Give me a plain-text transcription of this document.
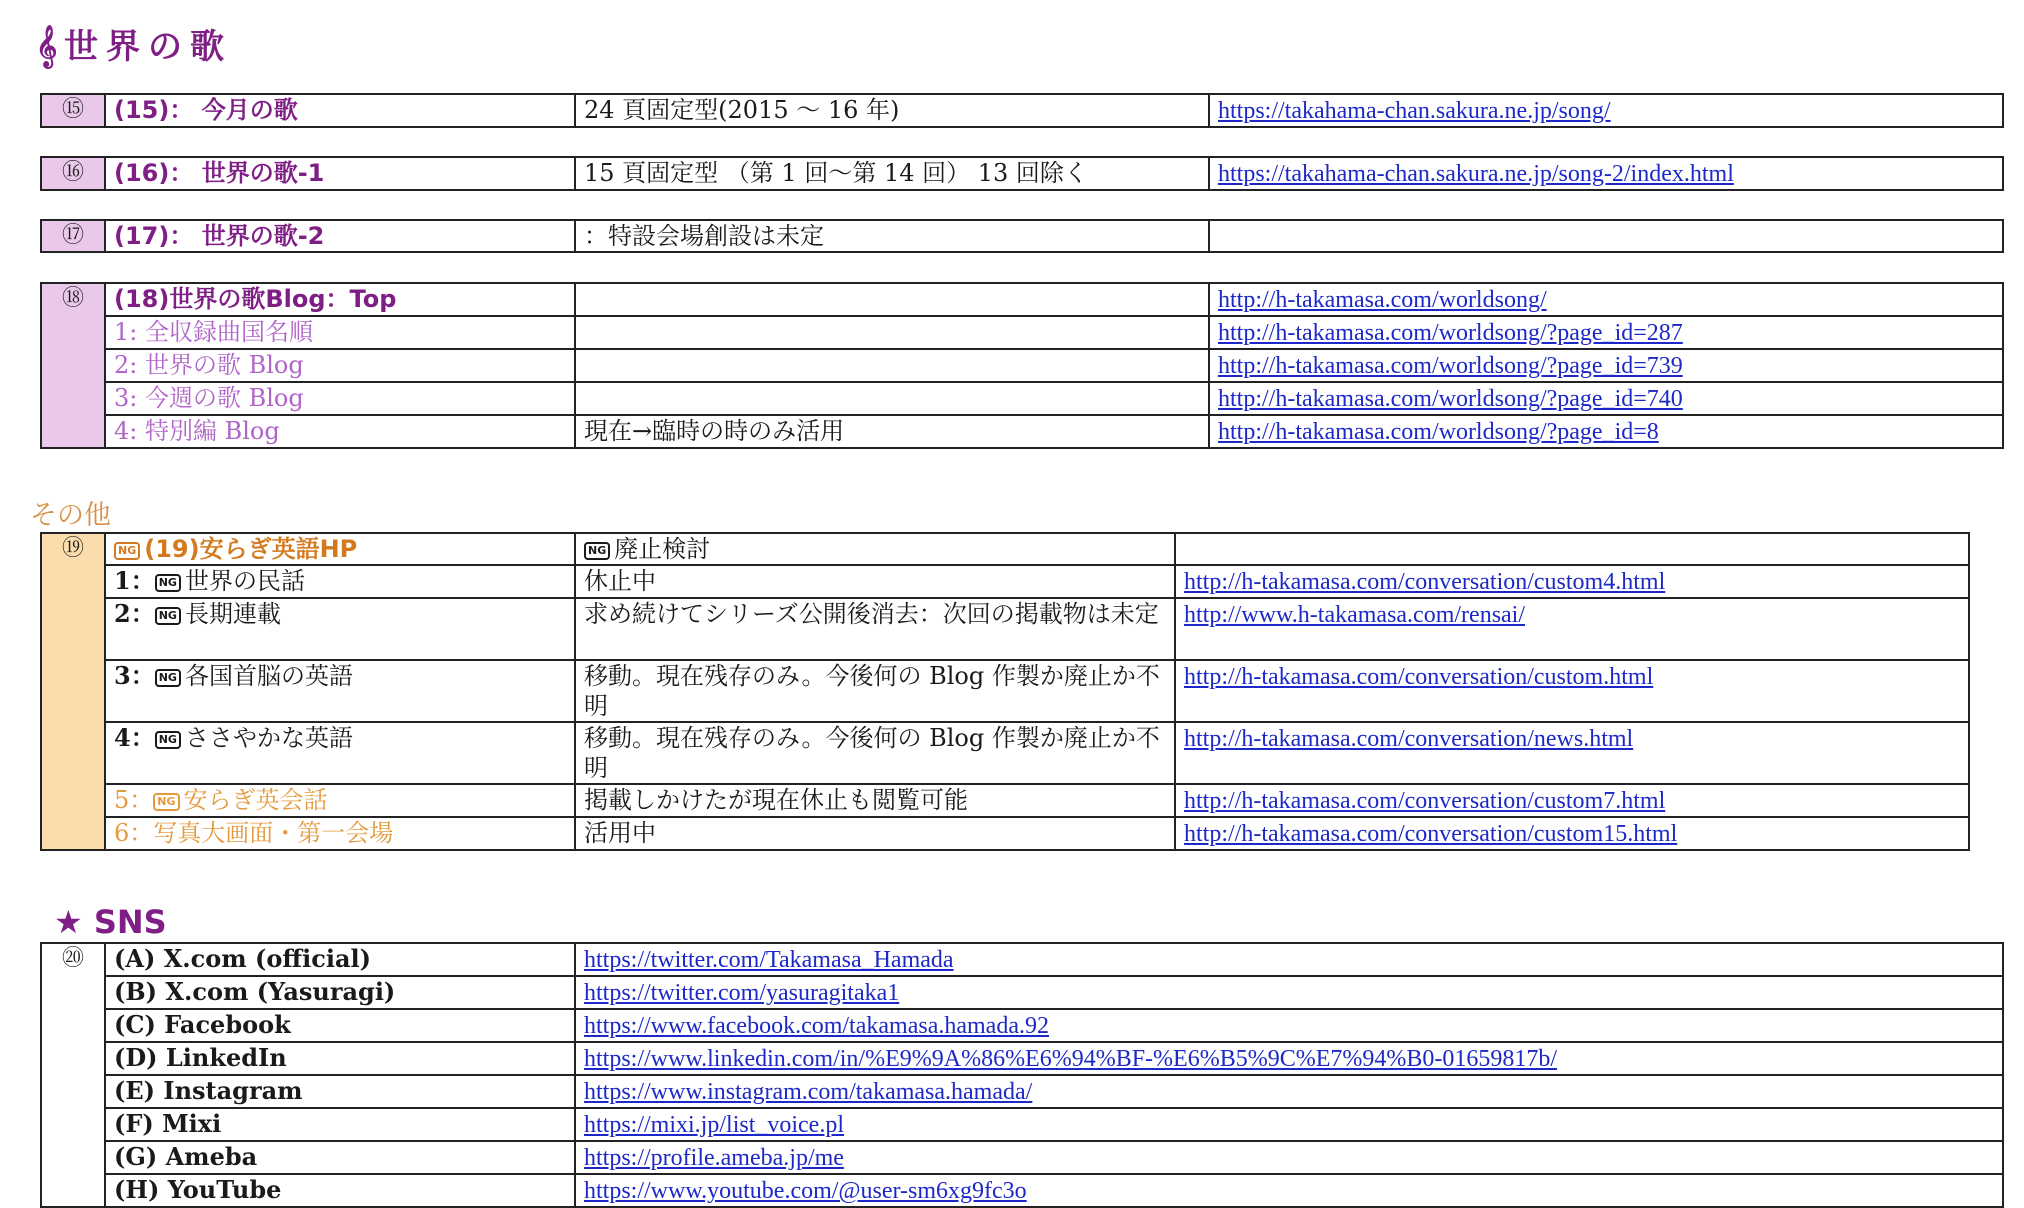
𝄞 世界の歌
⑮	(15)： 今月の歌	24 頁固定型(2015 ～ 16 年)	https://takahama-chan.sakura.ne.jp/song/
⑯	(16)： 世界の歌-1	15 頁固定型 （第 1 回～第 14 回） 13 回除く	https://takahama-chan.sakura.ne.jp/song-2/index.html
⑰	(17)： 世界の歌-2	：特設会場創設は未定	
⑱	(18)世界の歌Blog：Top		http://h-takamasa.com/worldsong/
	1: 全収録曲国名順		http://h-takamasa.com/worldsong/?page_id=287
	2: 世界の歌 Blog		http://h-takamasa.com/worldsong/?page_id=739
	3: 今週の歌 Blog		http://h-takamasa.com/worldsong/?page_id=740
	4: 特別編 Blog	現在→臨時の時のみ活用	http://h-takamasa.com/worldsong/?page_id=8
その他
⑲	NG (19)安らぎ英語HP	NG 廃止検討	
	1： NG 世界の民話	休止中	http://h-takamasa.com/conversation/custom4.html
	2： NG 長期連載	求め続けてシリーズ公開後消去：次回の掲載物は未定	http://www.h-takamasa.com/rensai/
	3： NG 各国首脳の英語	移動。現在残存のみ。今後何の Blog 作製か廃止か不明	http://h-takamasa.com/conversation/custom.html
	4： NG ささやかな英語	移動。現在残存のみ。今後何の Blog 作製か廃止か不明	http://h-takamasa.com/conversation/news.html
	5： NG 安らぎ英会話	掲載しかけたが現在休止も閲覧可能	http://h-takamasa.com/conversation/custom7.html
	6：写真大画面・第一会場	活用中	http://h-takamasa.com/conversation/custom15.html
★ SNS
⑳	(A) X.com (official)	https://twitter.com/Takamasa_Hamada
	(B) X.com (Yasuragi)	https://twitter.com/yasuragitaka1
	(C) Facebook	https://www.facebook.com/takamasa.hamada.92
	(D) LinkedIn	https://www.linkedin.com/in/%E9%9A%86%E6%94%BF-%E6%B5%9C%E7%94%B0-01659817b/
	(E) Instagram	https://www.instagram.com/takamasa.hamada/
	(F) Mixi	https://mixi.jp/list_voice.pl
	(G) Ameba	https://profile.ameba.jp/me
	(H) YouTube	https://www.youtube.com/@user-sm6xg9fc3o
